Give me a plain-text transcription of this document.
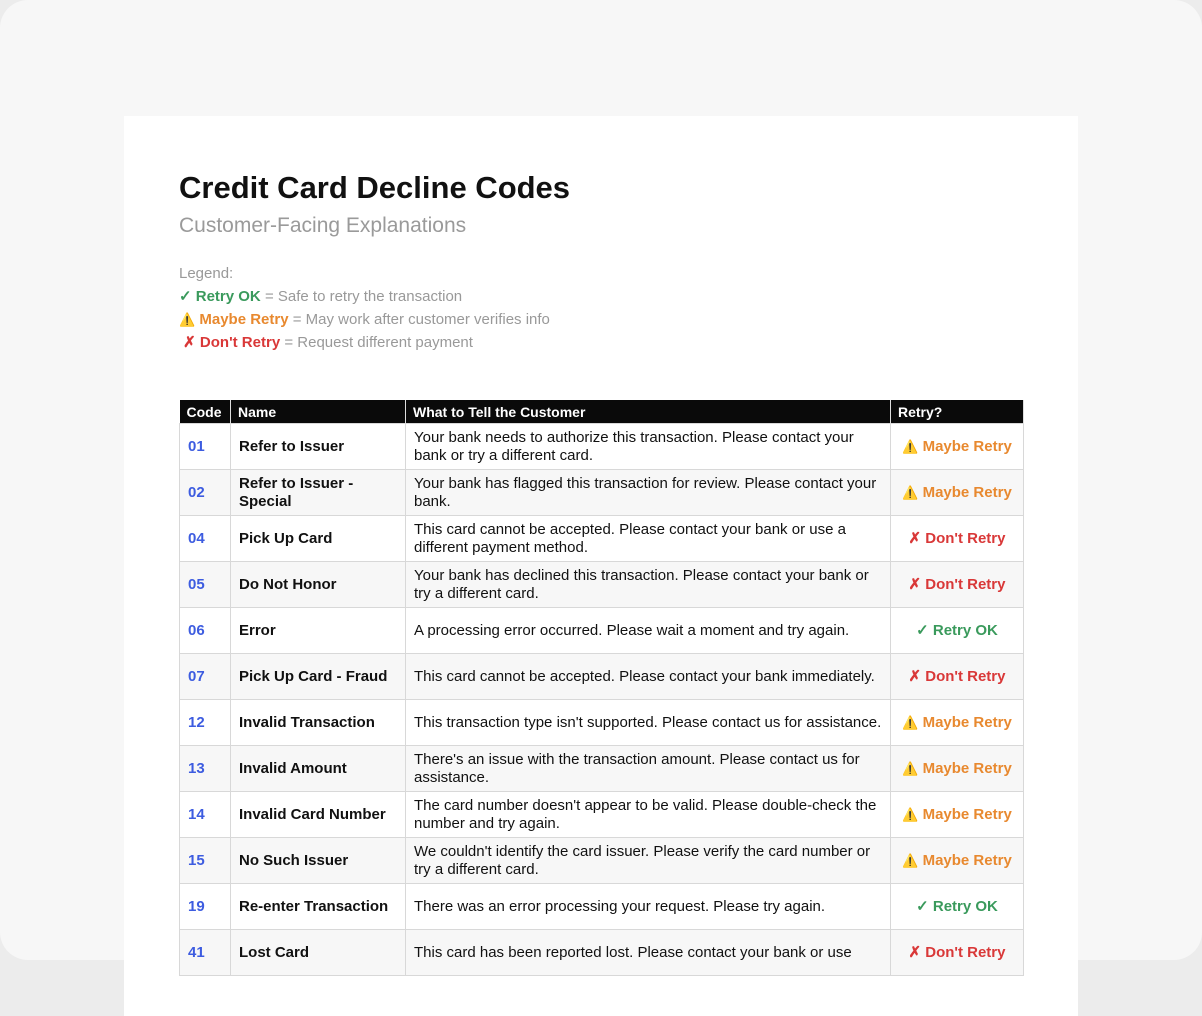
Credit Card Decline Codes
Customer-Facing Explanations
Legend:
✓ Retry OK = Safe to retry the transaction
⚠️ Maybe Retry = May work after customer verifies info
✗ Don't Retry = Request different payment
Code	Name	What to Tell the Customer	Retry?
01	Refer to Issuer	Your bank needs to authorize this transaction. Please contact your bank or try a different card.	⚠️ Maybe Retry
02	Refer to Issuer - Special	Your bank has flagged this transaction for review. Please contact your bank.	⚠️ Maybe Retry
04	Pick Up Card	This card cannot be accepted. Please contact your bank or use a different payment method.	✗ Don't Retry
05	Do Not Honor	Your bank has declined this transaction. Please contact your bank or try a different card.	✗ Don't Retry
06	Error	A processing error occurred. Please wait a moment and try again.	✓ Retry OK
07	Pick Up Card - Fraud	This card cannot be accepted. Please contact your bank immediately.	✗ Don't Retry
12	Invalid Transaction	This transaction type isn't supported. Please contact us for assistance.	⚠️ Maybe Retry
13	Invalid Amount	There's an issue with the transaction amount. Please contact us for assistance.	⚠️ Maybe Retry
14	Invalid Card Number	The card number doesn't appear to be valid. Please double-check the number and try again.	⚠️ Maybe Retry
15	No Such Issuer	We couldn't identify the card issuer. Please verify the card number or try a different card.	⚠️ Maybe Retry
19	Re-enter Transaction	There was an error processing your request. Please try again.	✓ Retry OK
41	Lost Card	This card has been reported lost. Please contact your bank or use	✗ Don't Retry
